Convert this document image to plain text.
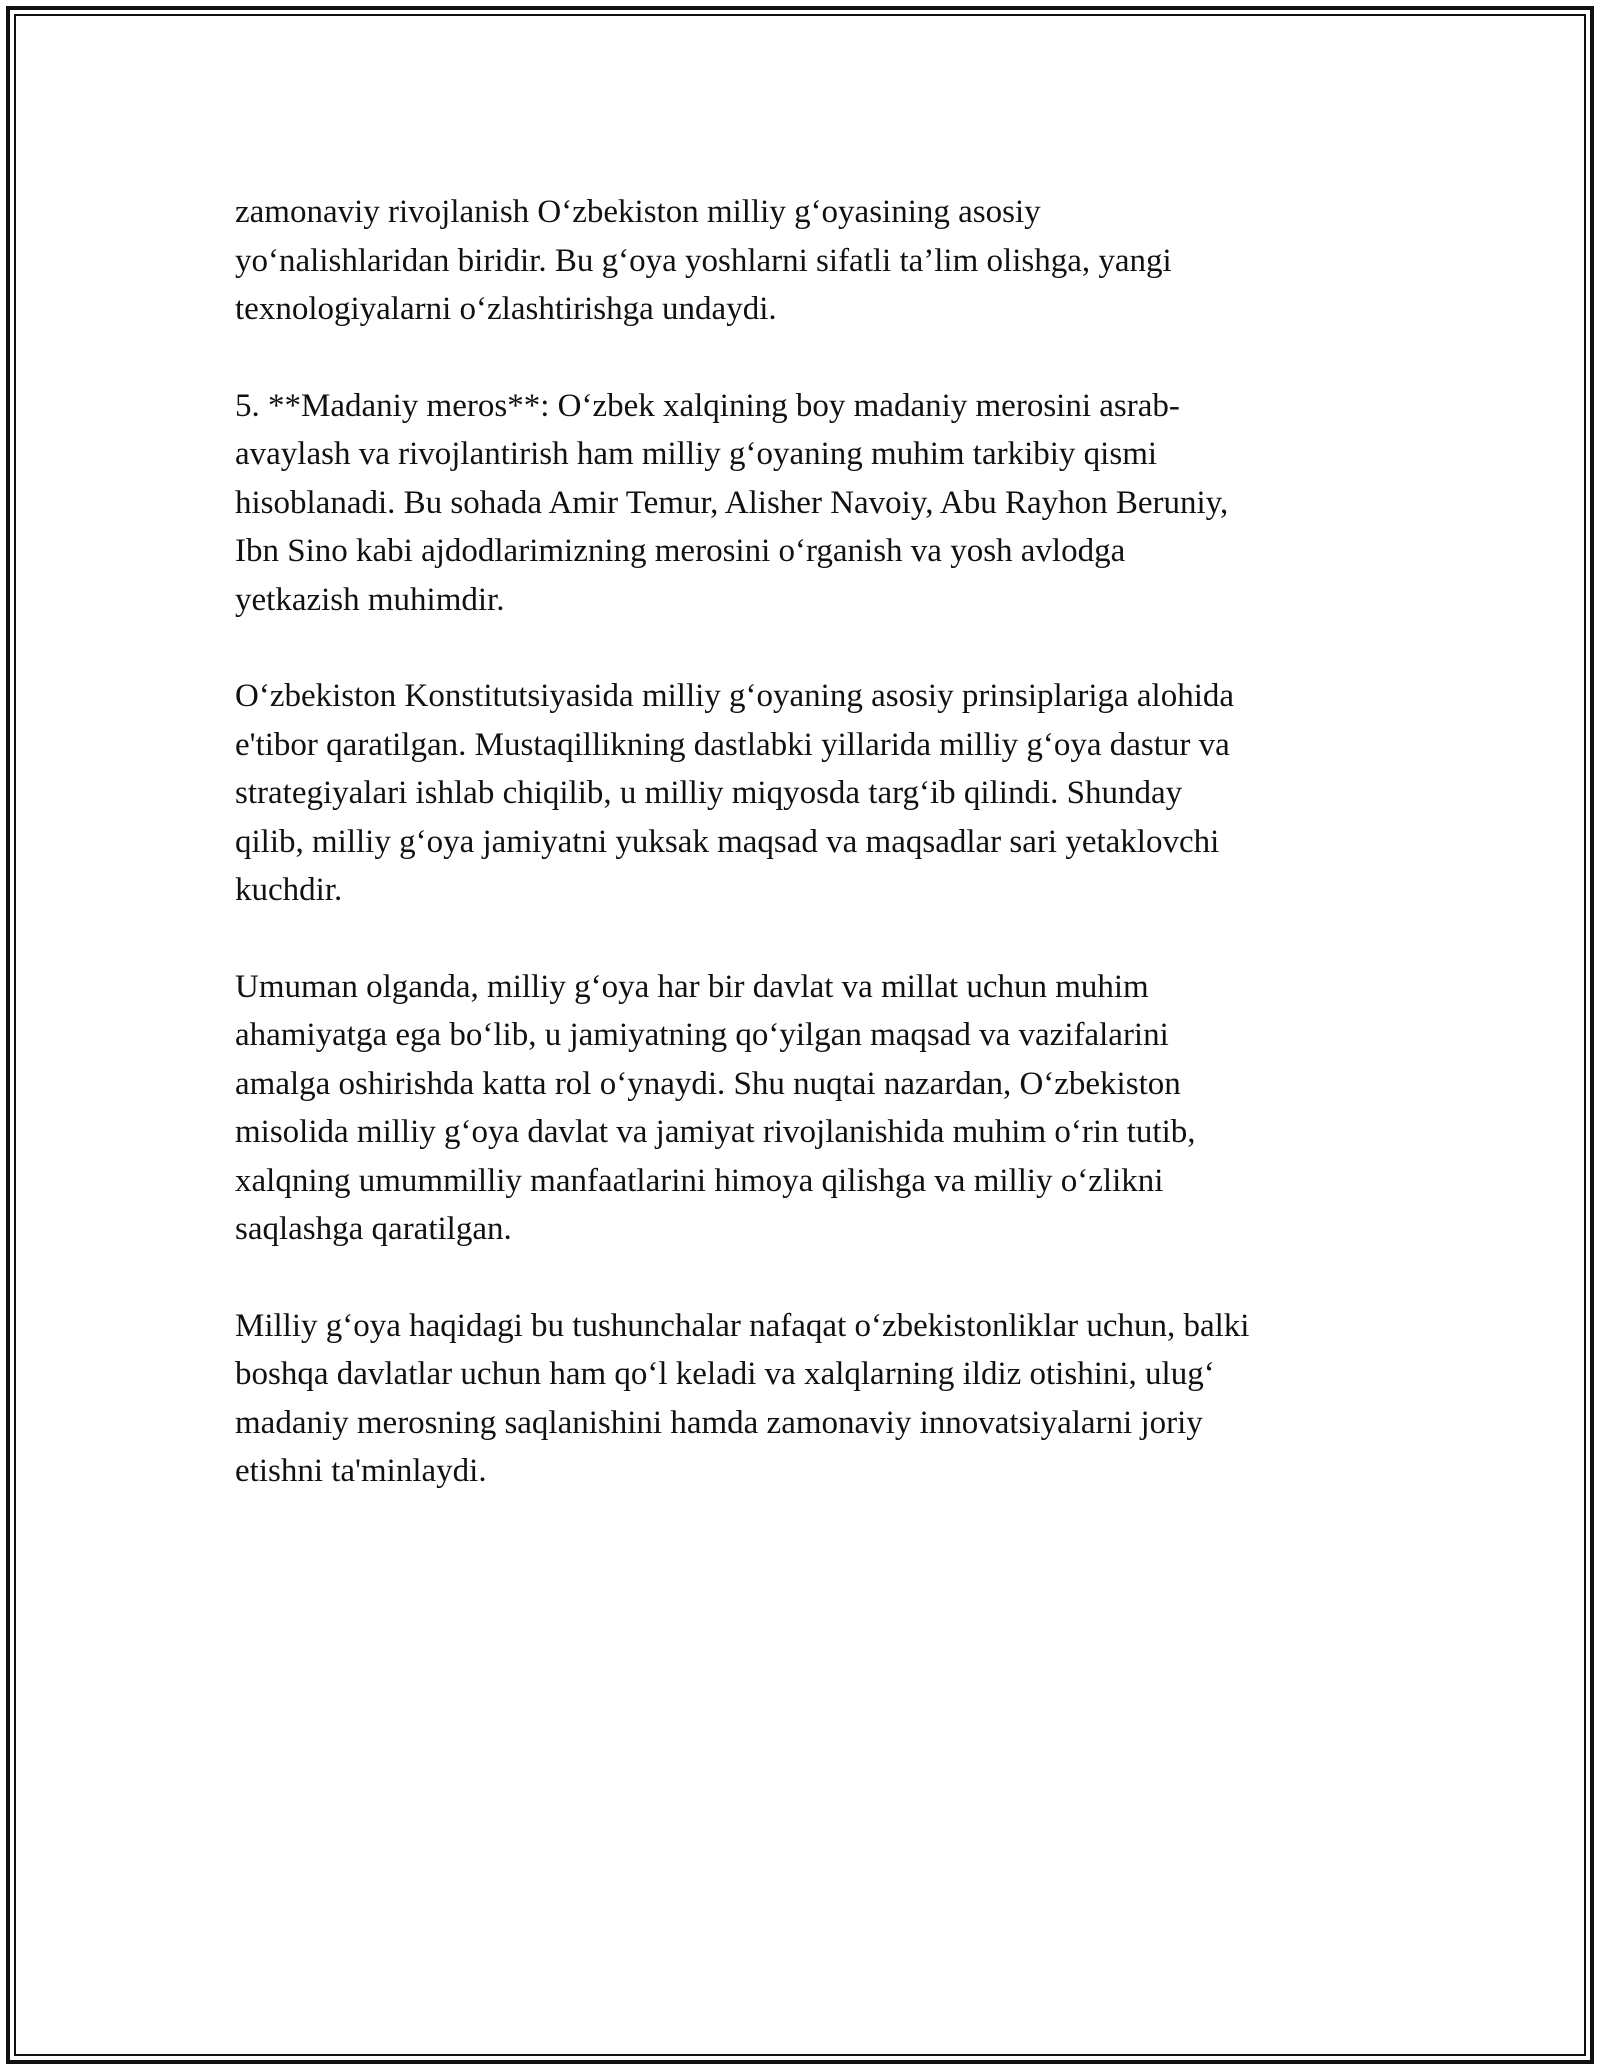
zamonaviy rivojlanish O‘zbekiston milliy g‘oyasining asosiy
yo‘nalishlaridan biridir. Bu g‘oya yoshlarni sifatli ta’lim olishga, yangi
texnologiyalarni o‘zlashtirishga undaydi.

5. **Madaniy meros**: O‘zbek xalqining boy madaniy merosini asrab-
avaylash va rivojlantirish ham milliy g‘oyaning muhim tarkibiy qismi
hisoblanadi. Bu sohada Amir Temur, Alisher Navoiy, Abu Rayhon Beruniy,
Ibn Sino kabi ajdodlarimizning merosini o‘rganish va yosh avlodga
yetkazish muhimdir.

O‘zbekiston Konstitutsiyasida milliy g‘oyaning asosiy prinsiplariga alohida
e'tibor qaratilgan. Mustaqillikning dastlabki yillarida milliy g‘oya dastur va
strategiyalari ishlab chiqilib, u milliy miqyosda targ‘ib qilindi. Shunday
qilib, milliy g‘oya jamiyatni yuksak maqsad va maqsadlar sari yetaklovchi
kuchdir.

Umuman olganda, milliy g‘oya har bir davlat va millat uchun muhim
ahamiyatga ega bo‘lib, u jamiyatning qo‘yilgan maqsad va vazifalarini
amalga oshirishda katta rol o‘ynaydi. Shu nuqtai nazardan, O‘zbekiston
misolida milliy g‘oya davlat va jamiyat rivojlanishida muhim o‘rin tutib,
xalqning umummilliy manfaatlarini himoya qilishga va milliy o‘zlikni
saqlashga qaratilgan.

Milliy g‘oya haqidagi bu tushunchalar nafaqat o‘zbekistonliklar uchun, balki
boshqa davlatlar uchun ham qo‘l keladi va xalqlarning ildiz otishini, ulug‘
madaniy merosning saqlanishini hamda zamonaviy innovatsiyalarni joriy
etishni ta'minlaydi.
